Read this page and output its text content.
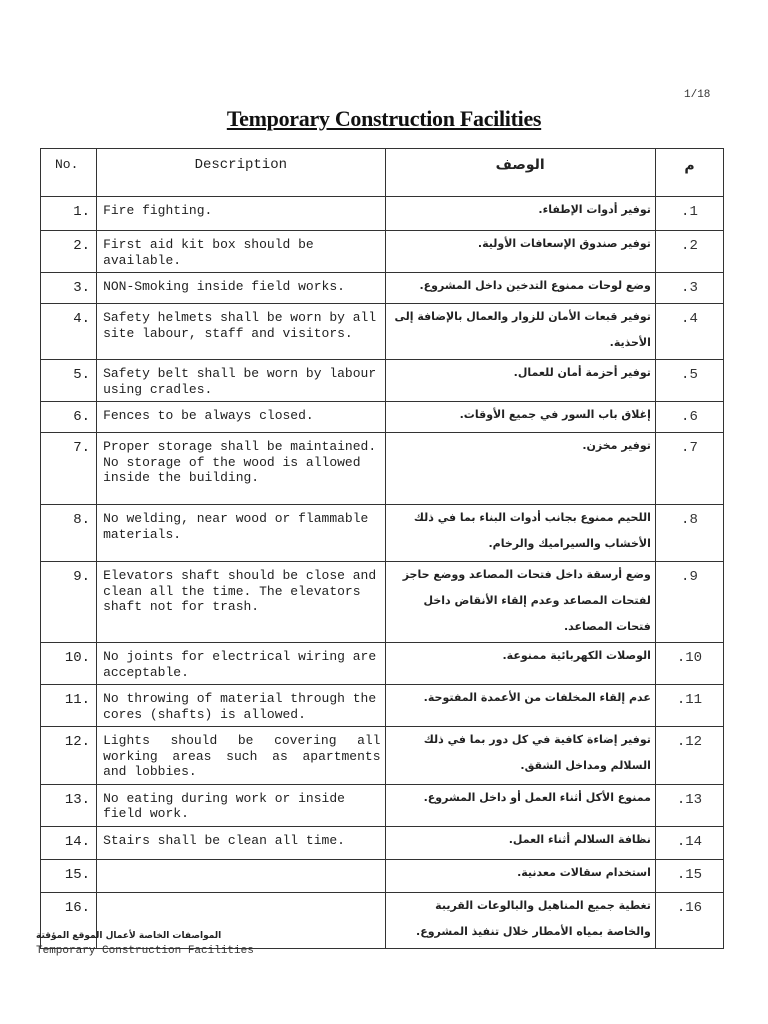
1/18
Temporary Construction Facilities
No.	Description	الوصف	م
1.	Fire fighting.	توفير أدوات الإطفاء.	1.
2.	First aid kit box should be available.	توفير صندوق الإسعافات الأولية.	2.
3.	NON-Smoking inside field works.	وضع لوحات ممنوع التدخين داخل المشروع.	3.
4.	Safety helmets shall be worn by all site labour, staff and visitors.	توفير قبعات الأمان للزوار والعمال بالإضافة إلى الأحذية.	4.
5.	Safety belt shall be worn by labour using cradles.	توفير أحزمة أمان للعمال.	5.
6.	Fences to be always closed.	إغلاق باب السور في جميع الأوقات.	6.
7.	Proper storage shall be maintained. No storage of the wood is allowed inside the building.	توفير مخزن.	7.
8.	No welding, near wood or flammable materials.	اللحيم ممنوع بجانب أدوات البناء بما في ذلك الأخشاب والسيراميك والرخام.	8.
9.	Elevators shaft should be close and clean all the time. The elevators shaft not for trash.	وضع أرسقة داخل فتحات المصاعد ووضع حاجز لفتحات المصاعد وعدم إلقاء الأنقاض داخل فتحات المصاعد.	9.
10.	No joints for electrical wiring are acceptable.	الوصلات الكهربائية ممنوعة.	10.
11.	No throwing of material through the cores (shafts) is allowed.	عدم إلقاء المخلفات من الأعمدة المفتوحة.	11.
12.	Lights should be covering all working areas such as apartments and lobbies.	توفير إضاءة كافية في كل دور بما في ذلك السلالم ومداخل الشقق.	12.
13.	No eating during work or inside field work.	ممنوع الأكل أثناء العمل أو داخل المشروع.	13.
14.	Stairs shall be clean all time.	نظافة السلالم أثناء العمل.	14.
15.		استخدام سقالات معدنية.	15.
16.		تغطية جميع المناهيل والبالوعات القريبة والخاصة بمياه الأمطار خلال تنفيذ المشروع.	16.
المواصفات الخاصة لأعمال الموقع المؤقتة
Temporary Construction Facilities
